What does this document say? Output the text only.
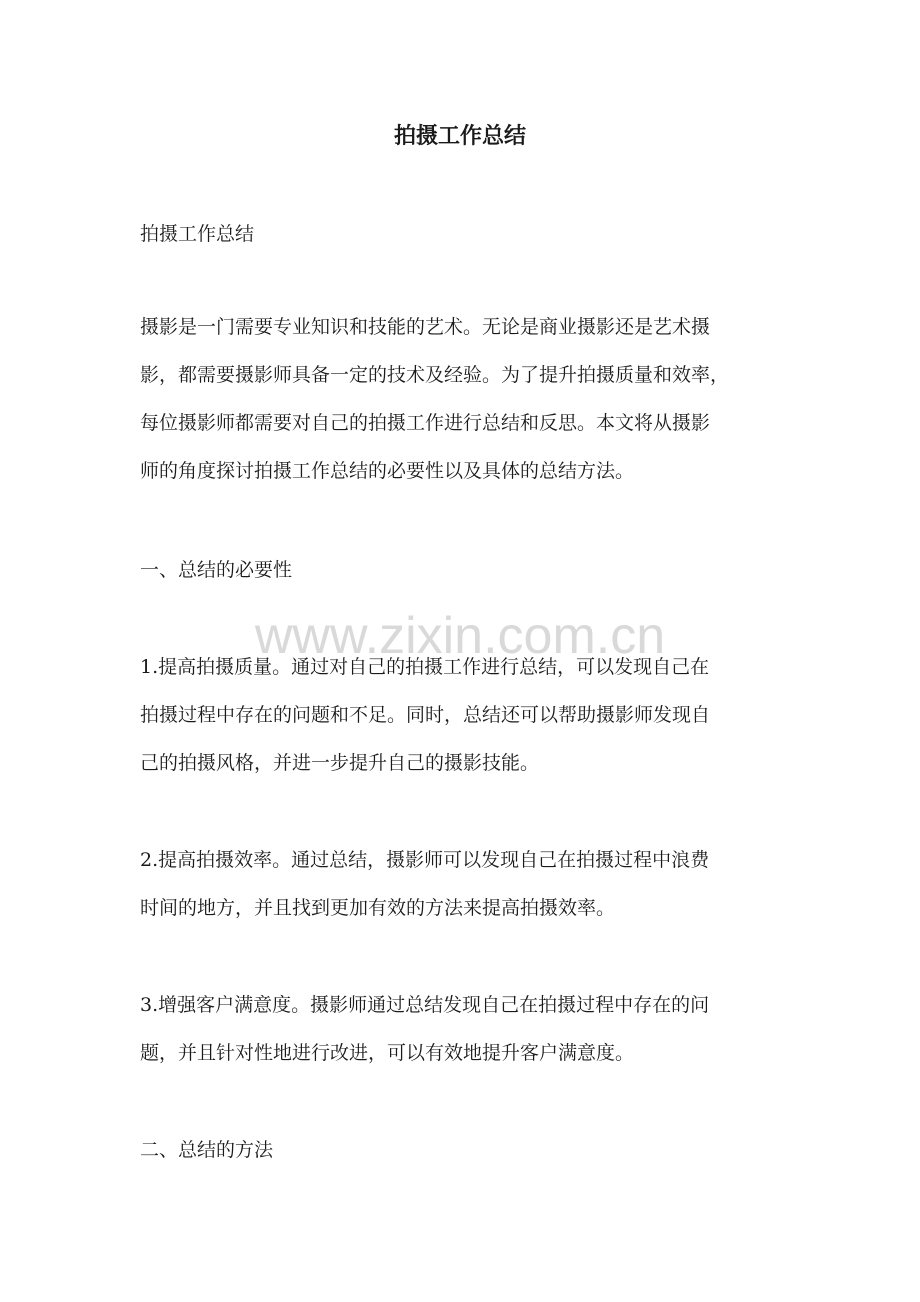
拍摄工作总结
拍摄工作总结
摄影是一门需要专业知识和技能的艺术。无论是商业摄影还是艺术摄
影，都需要摄影师具备一定的技术及经验。为了提升拍摄质量和效率，
每位摄影师都需要对自己的拍摄工作进行总结和反思。本文将从摄影
师的角度探讨拍摄工作总结的必要性以及具体的总结方法。
一、总结的必要性
1.提高拍摄质量。通过对自己的拍摄工作进行总结，可以发现自己在
拍摄过程中存在的问题和不足。同时，总结还可以帮助摄影师发现自
己的拍摄风格，并进一步提升自己的摄影技能。
2.提高拍摄效率。通过总结，摄影师可以发现自己在拍摄过程中浪费
时间的地方，并且找到更加有效的方法来提高拍摄效率。
3.增强客户满意度。摄影师通过总结发现自己在拍摄过程中存在的问
题，并且针对性地进行改进，可以有效地提升客户满意度。
二、总结的方法
www.zixin.com.cn
